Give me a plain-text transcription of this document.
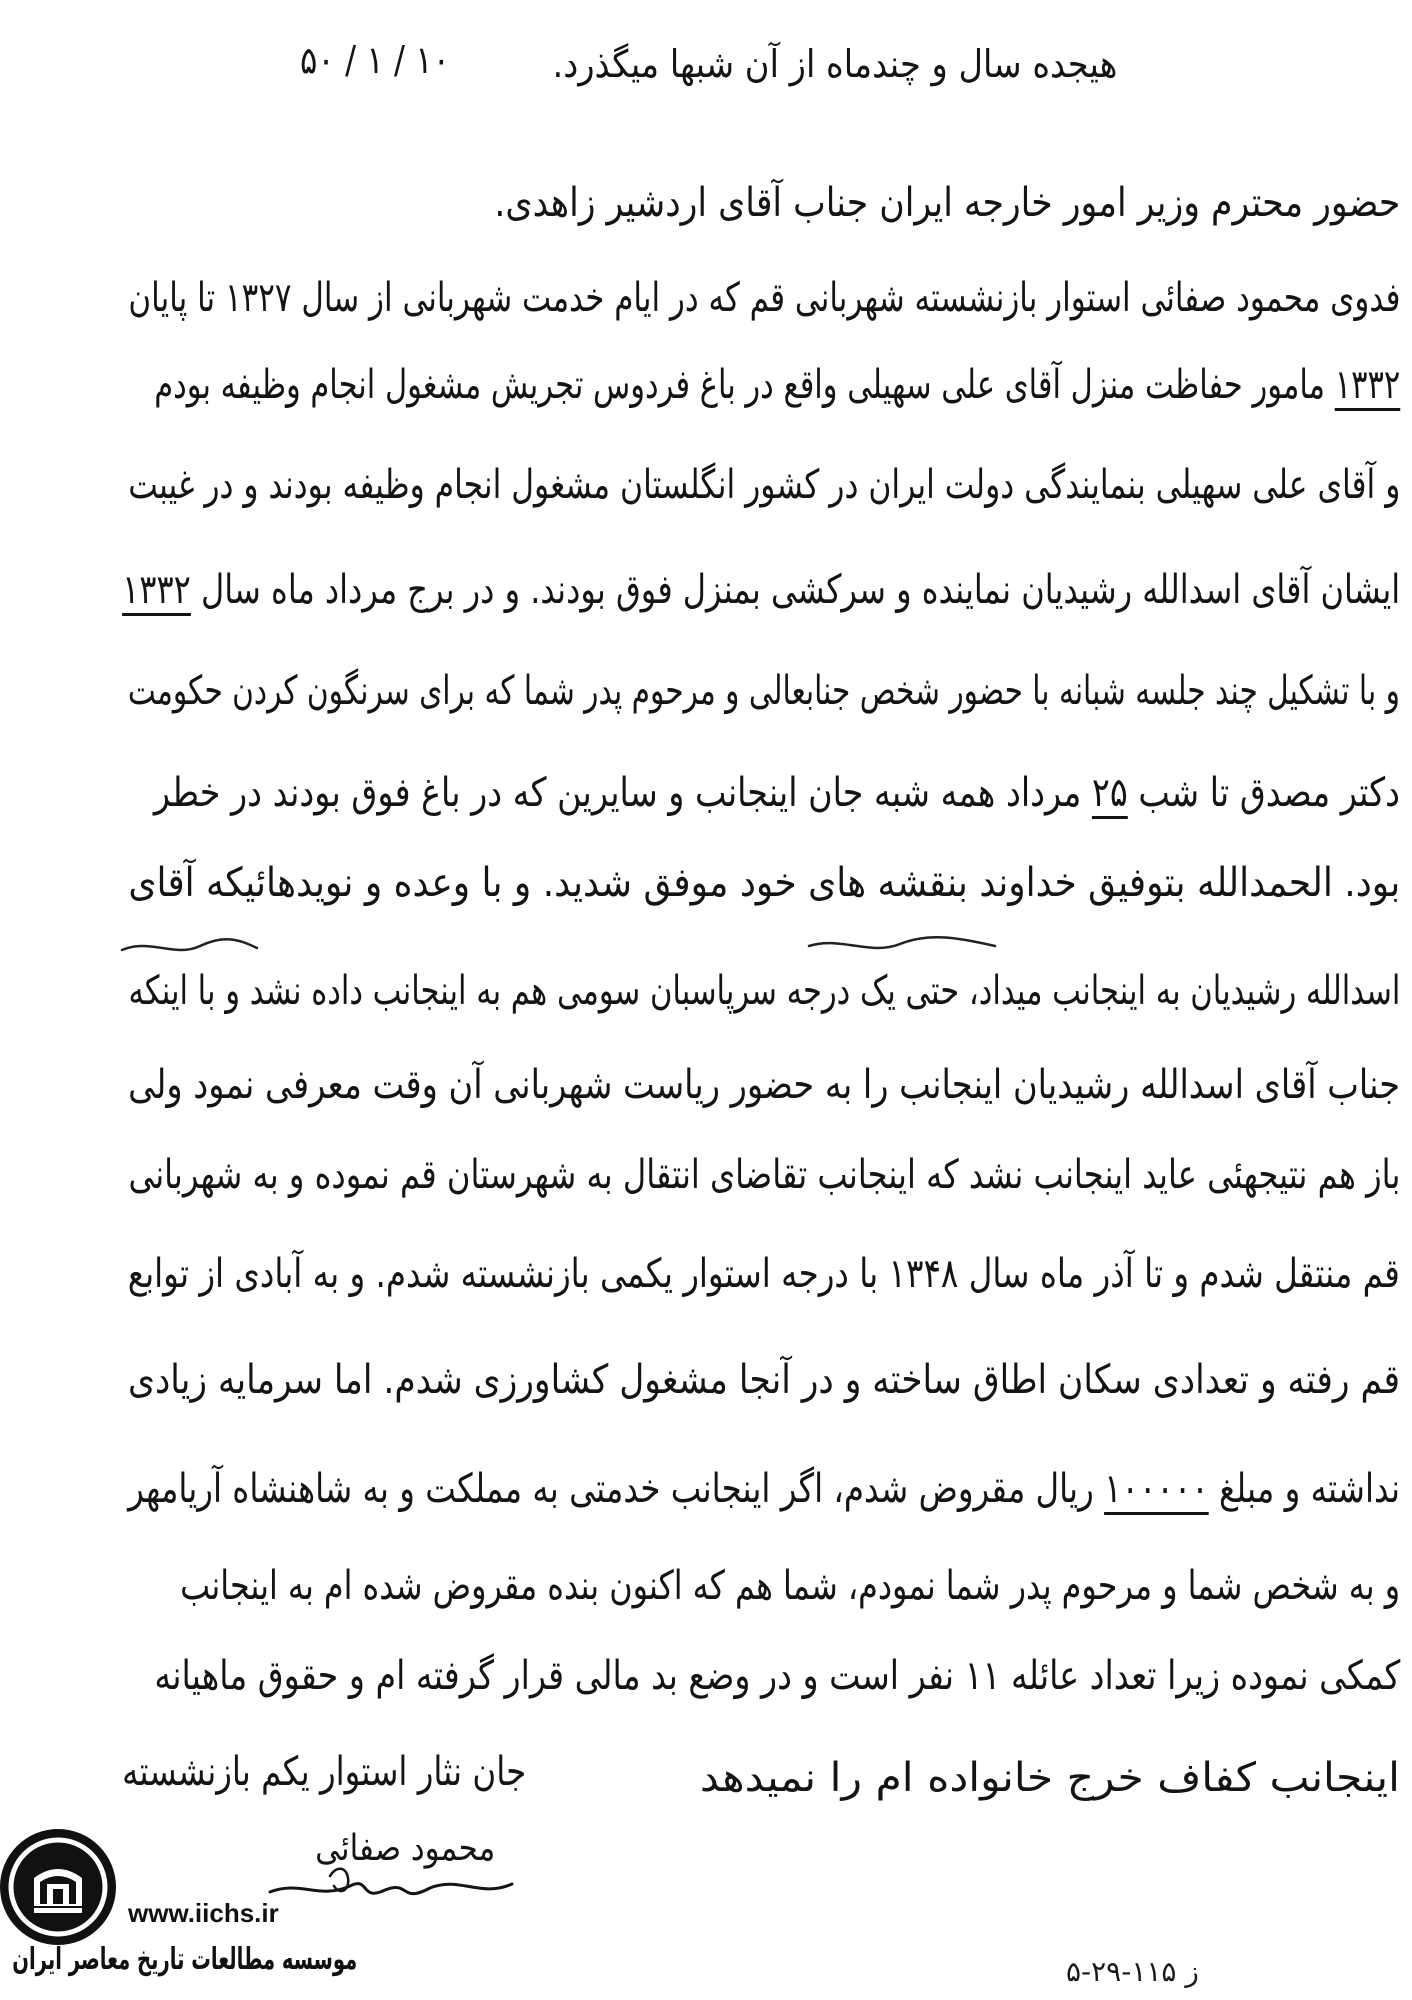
۱۰ / ۱ / ۵۰	هیجده سال و چندماه از آن شبها میگذرد.
حضور محترم وزیر امور خارجه ایران جناب آقای اردشیر زاهدی.
فدوی محمود صفائی استوار بازنشسته شهربانی قم که در ایام خدمت شهربانی از سال ۱۳۲۷ تا پایان
۱۳۳۲ مامور حفاظت منزل آقای علی سهیلی واقع در باغ فردوس تجریش مشغول انجام وظیفه بودم
و آقای علی سهیلی بنمایندگی دولت ایران در کشور انگلستان مشغول انجام وظیفه بودند و در غیبت
ایشان آقای اسدالله رشیدیان نماینده و سرکشی بمنزل فوق بودند. و در برج مرداد ماه سال ۱۳۳۲
و با تشکیل چند جلسه شبانه با حضور شخص جنابعالی و مرحوم پدر شما که برای سرنگون کردن حکومت
دکتر مصدق تا شب ۲۵ مرداد همه شبه جان اینجانب و سایرین که در باغ فوق بودند در خطر
بود. الحمدالله بتوفیق خداوند بنقشه های خود موفق شدید. و با وعده و نویدهائیکه آقای
اسدالله رشیدیان به اینجانب میداد، حتی یک درجه سرپاسبان سومی هم به اینجانب داده نشد و با اینکه
جناب آقای اسدالله رشیدیان اینجانب را به حضور ریاست شهربانی آن وقت معرفی نمود ولی
باز هم نتیجهئی عاید اینجانب نشد که اینجانب تقاضای انتقال به شهرستان قم نموده و به شهربانی
قم منتقل شدم و تا آذر ماه سال ۱۳۴۸ با درجه استوار یکمی بازنشسته شدم. و به آبادی از توابع
قم رفته و تعدادی سکان اطاق ساخته و در آنجا مشغول کشاورزی شدم. اما سرمایه زیادی
نداشته و مبلغ ۱۰۰۰۰۰ ریال مقروض شدم، اگر اینجانب خدمتی به مملکت و به شاهنشاه آریامهر
و به شخص شما و مرحوم پدر شما نمودم، شما هم که اکنون بنده مقروض شده ام به اینجانب
کمکی نموده زیرا تعداد عائله ۱۱ نفر است و در وضع بد مالی قرار گرفته ام و حقوق ماهیانه
اینجانب کفاف خرج خانواده ام را نمیدهد
جان نثار استوار یکم بازنشسته
محمود صفائی
www.iichs.ir
موسسه مطالعات تاریخ معاصر ایران	۵-۲۹-۱۱۵ ز
